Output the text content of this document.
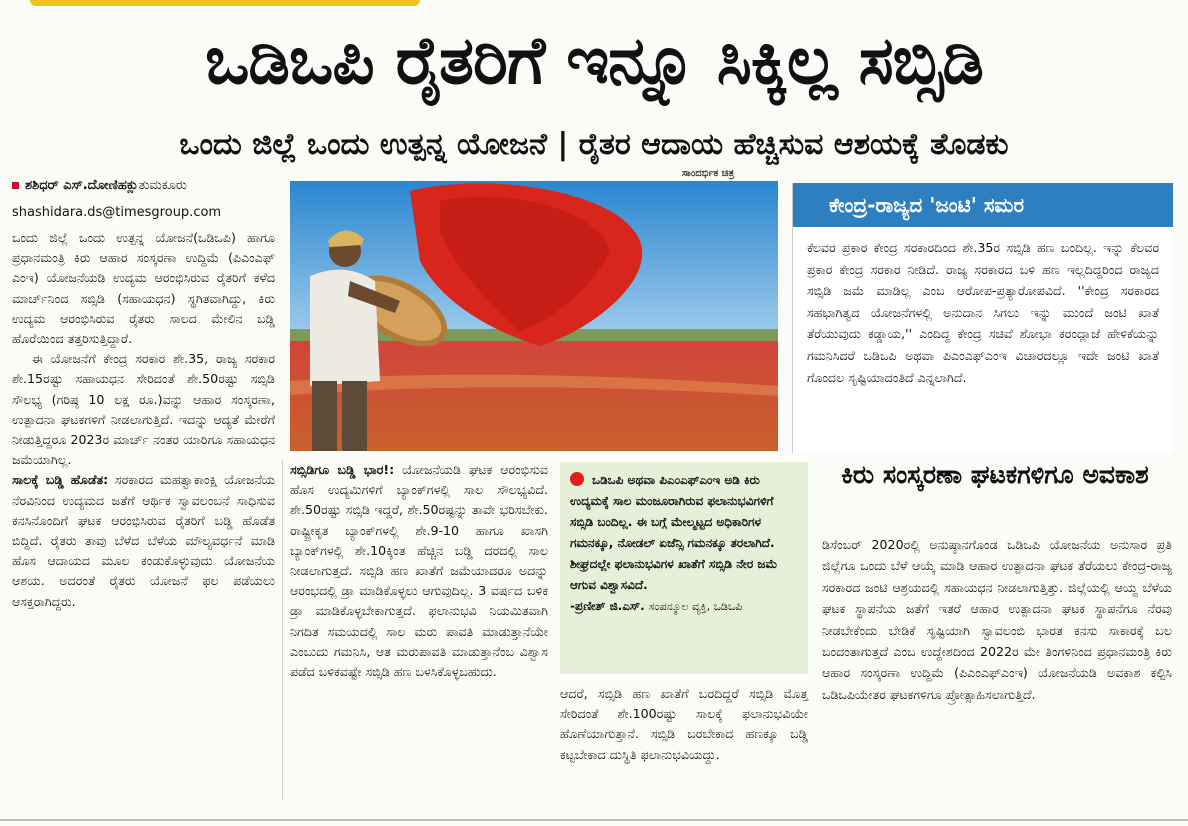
ಒಡಿಒಪಿ ರೈತರಿಗೆ ಇನ್ನೂ ಸಿಕ್ಕಿಲ್ಲ ಸಬ್ಸಿಡಿ
ಒಂದು ಜಿಲ್ಲೆ ಒಂದು ಉತ್ಪನ್ನ ಯೋಜನೆ | ರೈತರ ಆದಾಯ ಹೆಚ್ಚಿಸುವ ಆಶಯಕ್ಕೆ ತೊಡಕು
ಸಾಂದರ್ಭಿಕ ಚಿತ್ರ
ಶಶಿಧರ್ ಎಸ್.ದೋಣಿಹಕ್ಲುತುಮಕೂರು
shashidara.ds@timesgroup.com

ಒಂದು ಜಿಲ್ಲೆ ಒಂದು ಉತ್ಪನ್ನ ಯೋಜನೆ(ಒಡಿಒಪಿ) ಹಾಗೂ ಪ್ರಧಾನಮಂತ್ರಿ ಕಿರು ಆಹಾರ ಸಂಸ್ಕರಣಾ ಉದ್ದಿಮೆ (ಪಿಎಂಎಫ್ ಎಂಇ) ಯೋಜನೆಯಡಿ ಉದ್ಯಮ ಆರಂಭಿಸಿರುವ ರೈತರಿಗೆ ಕಳೆದ ಮಾರ್ಚ್‌ನಿಂದ ಸಬ್ಸಿಡಿ (ಸಹಾಯಧನ) ಸ್ಥಗಿತವಾಗಿದ್ದು, ಕಿರು ಉದ್ಯಮ ಆರಂಭಿಸಿರುವ ರೈತರು ಸಾಲದ ಮೇಲಿನ ಬಡ್ಡಿ ಹೊರೆಯಿಂದ ತತ್ತರಿಸುತ್ತಿದ್ದಾರೆ.

ಈ ಯೋಜನೆಗೆ ಕೇಂದ್ರ ಸರಕಾರ ಶೇ.35, ರಾಜ್ಯ ಸರಕಾರ ಶೇ.15ರಷ್ಟು ಸಹಾಯಧನ ಸೇರಿದಂತೆ ಶೇ.50ರಷ್ಟು ಸಬ್ಸಿಡಿ ಸೌಲಭ್ಯ (ಗರಿಷ್ಠ 10 ಲಕ್ಷ ರೂ.)ವನ್ನು ಆಹಾರ ಸಂಸ್ಕರಣಾ, ಉತ್ಪಾದನಾ ಘಟಕಗಳಿಗೆ ನೀಡಲಾಗುತ್ತಿದೆ. ಇದನ್ನು ಆದ್ಯತೆ ಮೇರೆಗೆ ನೀಡುತ್ತಿದ್ದರೂ 2023ರ ಮಾರ್ಚ್ ನಂತರ ಯಾರಿಗೂ ಸಹಾಯಧನ ಜಮೆಯಾಗಿಲ್ಲ.

ಸಾಲಕ್ಕೆ ಬಡ್ಡಿ ಹೊಡೆತ: ಸರಕಾರದ ಮಹತ್ವಾಕಾಂಕ್ಷಿ ಯೋಜನೆಯ ನೆರವಿನಿಂದ ಉದ್ಯಮದ ಜತೆಗೆ ಆರ್ಥಿಕ ಸ್ವಾವಲಂಬನೆ ಸಾಧಿಸುವ ಕನಸಿನೊಂದಿಗೆ ಘಟಕ ಆರಂಭಿಸಿರುವ ರೈತರಿಗೆ ಬಡ್ಡಿ ಹೊಡೆತ ಬಿದ್ದಿದೆ. ರೈತರು ತಾವು ಬೆಳೆದ ಬೆಳೆಯ ಮೌಲ್ಯವರ್ಧನೆ ಮಾಡಿ ಹೊಸ ಆದಾಯದ ಮೂಲ ಕಂಡುಕೊಳ್ಳುವುದು ಯೋಜನೆಯ ಆಶಯ. ಅದರಂತೆ ರೈತರು ಯೋಜನೆ ಫಲ ಪಡೆಯಲು ಆಸಕ್ತರಾಗಿದ್ದರು.

ಕೇಂದ್ರ-ರಾಜ್ಯದ 'ಜಂಟಿ' ಸಮರ
ಕೆಲವರ ಪ್ರಕಾರ ಕೇಂದ್ರ ಸರಕಾರದಿಂದ ಶೇ.35ರ ಸಬ್ಸಿಡಿ ಹಣ ಬಂದಿಲ್ಲ. ಇನ್ನು ಕೆಲವರ ಪ್ರಕಾರ ಕೇಂದ್ರ ಸರಕಾರ ನೀಡಿದೆ. ರಾಜ್ಯ ಸರಕಾರದ ಬಳಿ ಹಣ ಇಲ್ಲದಿದ್ದರಿಂದ ರಾಜ್ಯದ ಸಬ್ಸಿಡಿ ಜಮೆ ಮಾಡಿಲ್ಲ ಎಂಬ ಆರೋಪ-ಪ್ರತ್ಯಾರೋಪವಿದೆ. ''ಕೇಂದ್ರ ಸರಕಾರದ ಸಹಭಾಗಿತ್ವದ ಯೋಜನೆಗಳಲ್ಲಿ ಅನುದಾನ ಸಿಗಲು ಇನ್ನು ಮುಂದೆ ಜಂಟಿ ಖಾತೆ ತೆರೆಯುವುದು ಕಡ್ಡಾಯ,'' ಎಂದಿದ್ದ ಕೇಂದ್ರ ಸಚಿವೆ ಶೋಭಾ ಕರಂದ್ಲಾಜೆ ಹೇಳಿಕೆಯನ್ನು ಗಮನಿಸಿದರೆ ಒಡಿಒಪಿ ಅಥವಾ ಪಿಎಂಎಫ್‌ಎಂಇ ವಿಚಾರದಲ್ಲೂ ಇದೇ ಜಂಟಿ ಖಾತೆ ಗೊಂದಲ ಸೃಷ್ಟಿಯಾದಂತಿದೆ ಎನ್ನಲಾಗಿದೆ.

ಸಬ್ಸಿಡಿಗೂ ಬಡ್ಡಿ ಭಾರ!: ಯೋಜನೆಯಡಿ ಘಟಕ ಆರಂಭಿಸುವ ಹೊಸ ಉದ್ಯಮಿಗಳಿಗೆ ಬ್ಯಾಂಕ್‌ಗಳಲ್ಲಿ ಸಾಲ ಸೌಲಭ್ಯವಿದೆ. ಶೇ.50ರಷ್ಟು ಸಬ್ಸಿಡಿ ಇದ್ದರೆ, ಶೇ.50ರಷ್ಟನ್ನು ತಾವೇ ಭರಿಸಬೇಕು. ರಾಷ್ಟ್ರೀಕೃತ ಬ್ಯಾಂಕ್‌ಗಳಲ್ಲಿ ಶೇ.9-10 ಹಾಗೂ ಖಾಸಗಿ ಬ್ಯಾಂಕ್‌ಗಳಲ್ಲಿ ಶೇ.10ಕ್ಕಿಂತ ಹೆಚ್ಚಿನ ಬಡ್ಡಿ ದರದಲ್ಲಿ ಸಾಲ ನೀಡಲಾಗುತ್ತದೆ. ಸಬ್ಸಿಡಿ ಹಣ ಖಾತೆಗೆ ಜಮೆಯಾದರೂ ಅದನ್ನು ಆರಂಭದಲ್ಲಿ ಡ್ರಾ ಮಾಡಿಕೊಳ್ಳಲು ಆಗುವುದಿಲ್ಲ. 3 ವರ್ಷದ ಬಳಿಕ ಡ್ರಾ ಮಾಡಿಕೊಳ್ಳಬೇಕಾಗುತ್ತದೆ. ಫಲಾನುಭವಿ ನಿಯಮಿತವಾಗಿ ನಿಗದಿತ ಸಮಯದಲ್ಲಿ ಸಾಲ ಮರು ಪಾವತಿ ಮಾಡುತ್ತಾನೆಯೇ ಎಂಬುದು ಗಮನಿಸಿ, ಆತ ಮರುಪಾವತಿ ಮಾಡುತ್ತಾನೆಂಬ ವಿಶ್ವಾಸ ಪಡೆದ ಬಳಿಕವಷ್ಟೇ ಸಬ್ಸಿಡಿ ಹಣ ಬಳಸಿಕೊಳ್ಳಬಹುದು.

ಒಡಿಒಪಿ ಅಥವಾ ಪಿಎಂಎಫ್‌ಎಂಇ ಅಡಿ ಕಿರು ಉದ್ಯಮಕ್ಕೆ ಸಾಲ ಮಂಜೂರಾಗಿರುವ ಫಲಾನುಭವಿಗಳಿಗೆ ಸಬ್ಸಿಡಿ ಬಂದಿಲ್ಲ. ಈ ಬಗ್ಗೆ ಮೇಲ್ಮಟ್ಟದ ಅಧಿಕಾರಿಗಳ ಗಮನಕ್ಕೂ, ನೋಡಲ್ ಏಜೆನ್ಸಿ ಗಮನಕ್ಕೂ ತರಲಾಗಿದೆ. ಶೀಘ್ರದಲ್ಲೇ ಫಲಾನುಭವಿಗಳ ಖಾತೆಗೆ ಸಬ್ಸಿಡಿ ನೇರ ಜಮೆ ಆಗುವ ವಿಶ್ವಾಸವಿದೆ.
-ಪ್ರಣೀತ್ ಜಿ.ಎಸ್. ಸಂಪನ್ಮೂಲ ವ್ಯಕ್ತಿ, ಒಡಿಒಪಿ

ಆದರೆ, ಸಬ್ಸಿಡಿ ಹಣ ಖಾತೆಗೆ ಬರದಿದ್ದರೆ ಸಬ್ಸಿಡಿ ಮೊತ್ತ ಸೇರಿದಂತೆ ಶೇ.100ರಷ್ಟು ಸಾಲಕ್ಕೆ ಫಲಾನುಭವಿಯೇ ಹೊಣೆಯಾಗುತ್ತಾನೆ. ಸಬ್ಸಿಡಿ ಬರಬೇಕಾದ ಹಣಕ್ಕೂ ಬಡ್ಡಿ ಕಟ್ಟಬೇಕಾದ ದುಸ್ಥಿತಿ ಫಲಾನುಭವಿಯದ್ದು.

ಕಿರು ಸಂಸ್ಕರಣಾ ಘಟಕಗಳಿಗೂ ಅವಕಾಶ
ಡಿಸೆಂಬರ್ 2020ರಲ್ಲಿ ಅನುಷ್ಠಾನಗೊಂಡ ಒಡಿಒಪಿ ಯೋಜನೆಯ ಅನುಸಾರ ಪ್ರತಿ ಜಿಲ್ಲೆಗೂ ಒಂದು ಬೆಳೆ ಆಯ್ಕೆ ಮಾಡಿ ಆಹಾರ ಉತ್ಪಾದನಾ ಘಟಕ ತೆರೆಯಲು ಕೇಂದ್ರ-ರಾಜ್ಯ ಸರಕಾರದ ಜಂಟಿ ಆಶ್ರಯದಲ್ಲಿ ಸಹಾಯಧನ ನೀಡಲಾಗುತ್ತಿತ್ತು. ಜಿಲ್ಲೆಯಲ್ಲಿ ಆಯ್ದ ಬೆಳೆಯ ಘಟಕ ಸ್ಥಾಪನೆಯ ಜತೆಗೆ ಇತರೆ ಆಹಾರ ಉತ್ಪಾದನಾ ಘಟಕ ಸ್ಥಾಪನೆಗೂ ನೆರವು ನೀಡಬೇಕೆಂದು ಬೇಡಿಕೆ ಸೃಷ್ಟಿಯಾಗಿ ಸ್ವಾವಲಂಬಿ ಭಾರತ ಕನಸು ಸಾಕಾರಕ್ಕೆ ಬಲ ಬಂದಂತಾಗುತ್ತದೆ ಎಂಬ ಉದ್ದೇಶದಿಂದ 2022ರ ಮೇ ತಿಂಗಳಿನಿಂದ ಪ್ರಧಾನಮಂತ್ರಿ ಕಿರು ಆಹಾರ ಸಂಸ್ಕರಣಾ ಉದ್ದಿಮೆ (ಪಿಎಂಎಫ್‌ಎಂಇ) ಯೋಜನೆಯಡಿ ಅವಕಾಶ ಕಲ್ಪಿಸಿ ಒಡಿಒಪಿಯೇತರ ಘಟಕಗಳಿಗೂ ಪ್ರೋತ್ಸಾಹಿಸಲಾಗುತ್ತಿದೆ.
